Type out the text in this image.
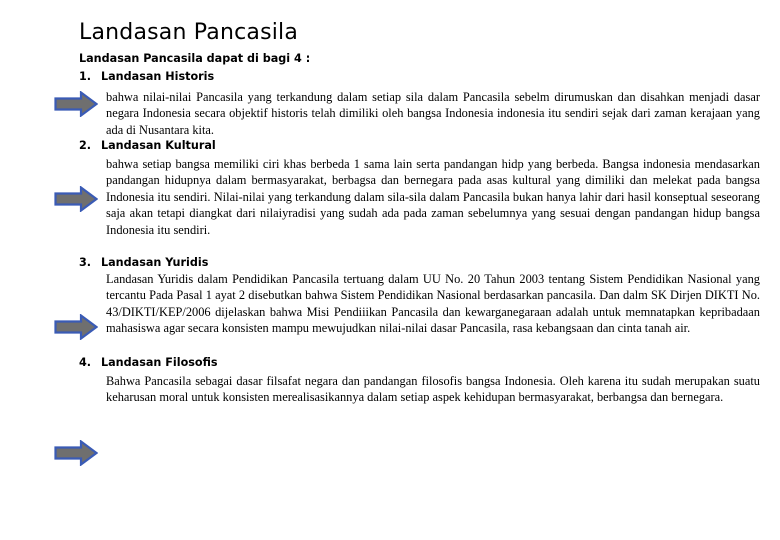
Landasan Pancasila
Landasan Pancasila dapat di bagi 4 :
1. Landasan Historis

bahwa nilai-nilai Pancasila yang terkandung dalam setiap sila dalam Pancasila sebelm dirumuskan dan disahkan menjadi dasar negara Indonesia secara objektif historis telah dimiliki oleh bangsa Indonesia indonesia itu sendiri sejak dari zaman kerajaan yang ada di Nusantara kita.

2. Landasan Kultural

bahwa setiap bangsa memiliki ciri khas berbeda 1 sama lain serta pandangan hidp yang berbeda. Bangsa indonesia mendasarkan pandangan hidupnya dalam bermasyarakat, berbagsa dan bernegara pada asas kultural yang dimiliki dan melekat pada bangsa Indonesia itu sendiri. Nilai-nilai yang terkandung dalam sila-sila dalam Pancasila bukan hanya lahir dari hasil konseptual seseorang saja akan tetapi diangkat dari nilaiyradisi yang sudah ada pada zaman sebelumnya yang sesuai dengan pandangan hidup bangsa Indonesia itu sendiri.

3. Landasan Yuridis

Landasan Yuridis dalam Pendidikan Pancasila tertuang dalam UU No. 20 Tahun 2003 tentang Sistem Pendidikan Nasional yang tercantu Pada Pasal 1 ayat 2 disebutkan bahwa Sistem Pendidikan Nasional berdasarkan pancasila. Dan dalm SK Dirjen DIKTI No. 43/DIKTI/KEP/2006 dijelaskan bahwa Misi Pendiiikan Pancasila dan kewarganegaraan adalah untuk memnatapkan kepribadaan mahasiswa agar secara konsisten mampu mewujudkan nilai-nilai dasar Pancasila, rasa kebangsaan dan cinta tanah air.

4. Landasan Filosofis

Bahwa Pancasila sebagai dasar filsafat negara dan pandangan filosofis bangsa Indonesia. Oleh karena itu sudah merupakan suatu keharusan moral untuk konsisten merealisasikannya dalam setiap aspek kehidupan bermasyarakat, berbangsa dan bernegara.
